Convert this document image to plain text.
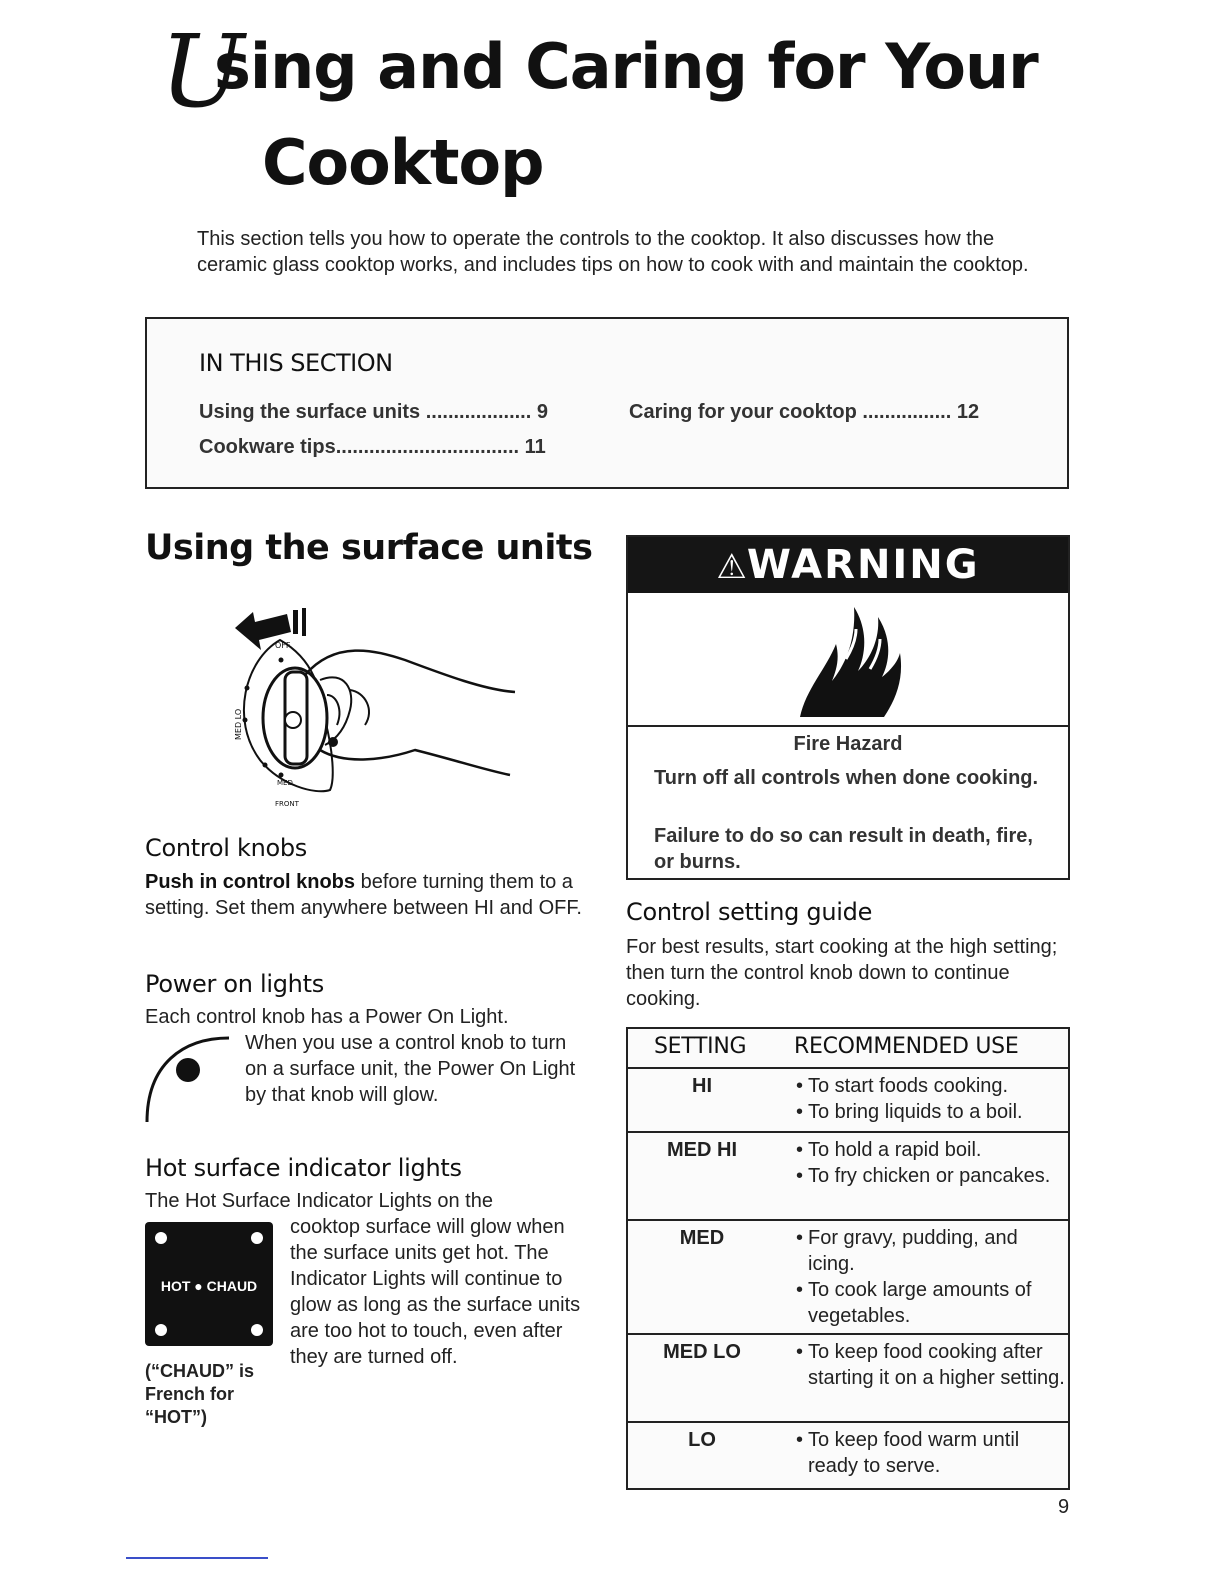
U
sing and Caring for Your
Cooktop
This section tells you how to operate the controls to the cooktop. It also discusses how the ceramic glass cooktop works, and includes tips on how to cook with and maintain the cooktop.
IN THIS SECTION
Using the surface units ................... 9
Cookware tips................................. 11
Caring for your cooktop ................ 12
Using the surface units
OFF
MED LO
MED
FRONT
Control knobs
Push in control knobs before turning them to a setting. Set them anywhere between HI and OFF.
Power on lights
Each control knob has a Power On Light.
When you use a control knob to turn on a surface unit, the Power On Light by that knob will glow.
Hot surface indicator lights
The Hot Surface Indicator Lights on the
HOT ● CHAUD
(“CHAUD” is French for “HOT”)
cooktop surface will glow when the surface units get hot. The Indicator Lights will continue to glow as long as the surface units are too hot to touch, even after they are turned off.
⚠WARNING
Fire Hazard
Turn off all controls when done cooking.
Failure to do so can result in death, fire, or burns.
Control setting guide
For best results, start cooking at the high setting; then turn the control knob down to continue cooking.
SETTING RECOMMENDED USE
HI	• To start foods cooking.
• To bring liquids to a boil.
MED HI	• To hold a rapid boil.
• To fry chicken or pancakes.
MED	• For gravy, pudding, and icing.
• To cook large amounts of vegetables.
MED LO	• To keep food cooking after starting it on a higher setting.
LO	• To keep food warm until ready to serve.
9
